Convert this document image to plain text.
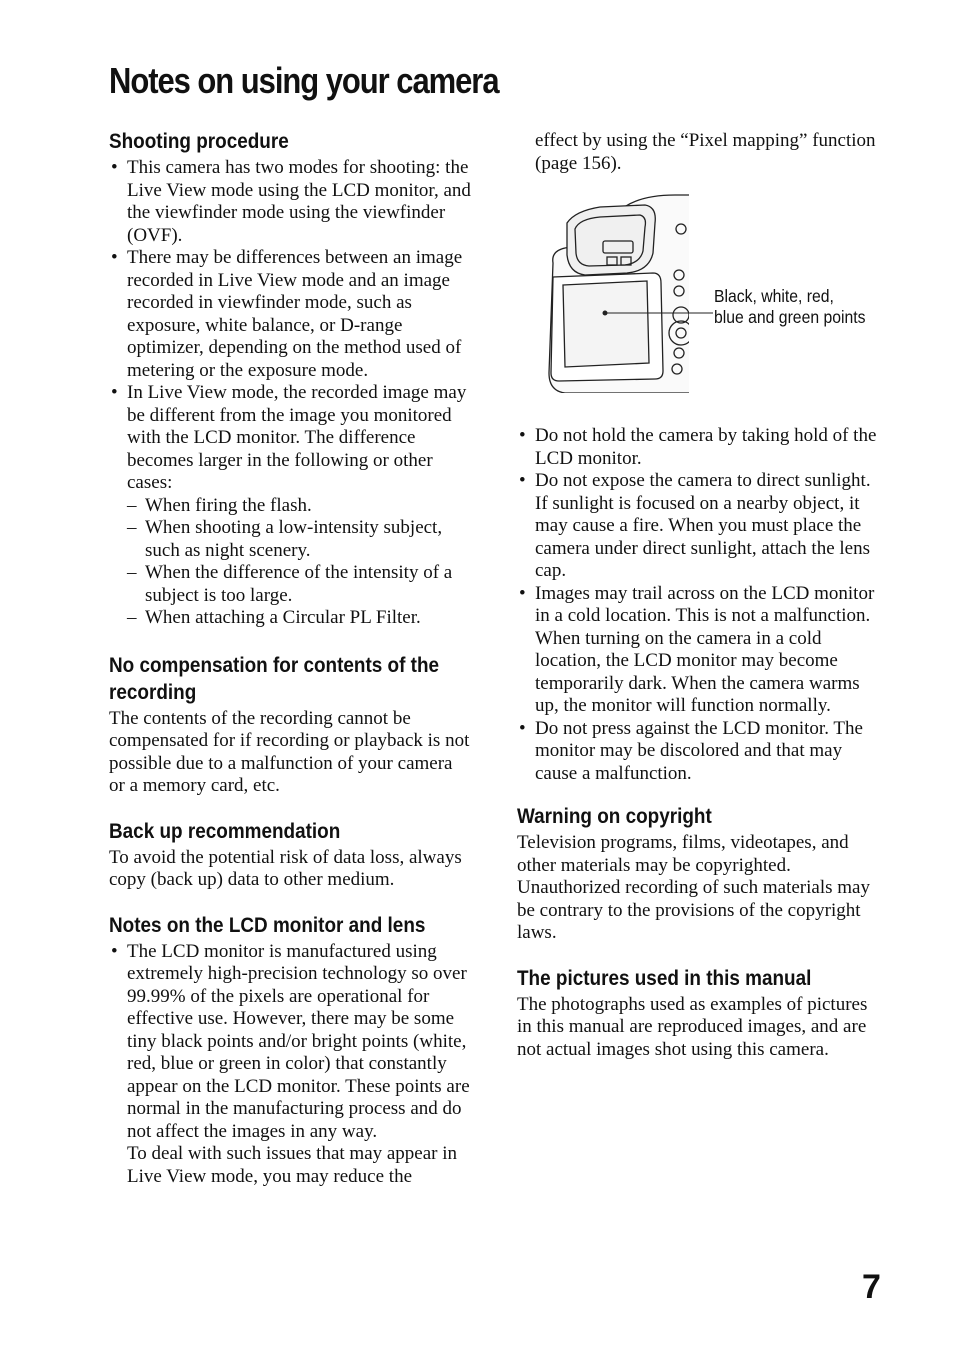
Notes on using your camera
Shooting procedure
• This camera has two modes for shooting: the Live View mode using the LCD monitor, and the viewfinder mode using the viewfinder (OVF).
• There may be differences between an image recorded in Live View mode and an image recorded in viewfinder mode, such as exposure, white balance, or D-range optimizer, depending on the method used of metering or the exposure mode.
• In Live View mode, the recorded image may be different from the image you monitored with the LCD monitor. The difference becomes larger in the following or other cases:
– When firing the flash.
– When shooting a low-intensity subject, such as night scenery.
– When the difference of the intensity of a subject is too large.
– When attaching a Circular PL Filter.
No compensation for contents of the recording

The contents of the recording cannot be compensated for if recording or playback is not possible due to a malfunction of your camera or a memory card, etc.

Back up recommendation

To avoid the potential risk of data loss, always copy (back up) data to other medium.

Notes on the LCD monitor and lens
• The LCD monitor is manufactured using extremely high-precision technology so over 99.99% of the pixels are operational for effective use. However, there may be some tiny black points and/or bright points (white, red, blue or green in color) that constantly appear on the LCD monitor. These points are normal in the manufacturing process and do not affect the images in any way.
To deal with such issues that may appear in Live View mode, you may reduce the
effect by using the “Pixel mapping” function (page 156).
Black, white, red, blue and green points
• Do not hold the camera by taking hold of the LCD monitor.
• Do not expose the camera to direct sunlight. If sunlight is focused on a nearby object, it may cause a fire. When you must place the camera under direct sunlight, attach the lens cap.
• Images may trail across on the LCD monitor in a cold location. This is not a malfunction. When turning on the camera in a cold location, the LCD monitor may become temporarily dark. When the camera warms up, the monitor will function normally.
• Do not press against the LCD monitor. The monitor may be discolored and that may cause a malfunction.
Warning on copyright

Television programs, films, videotapes, and other materials may be copyrighted. Unauthorized recording of such materials may be contrary to the provisions of the copyright laws.

The pictures used in this manual

The photographs used as examples of pictures in this manual are reproduced images, and are not actual images shot using this camera.

7
